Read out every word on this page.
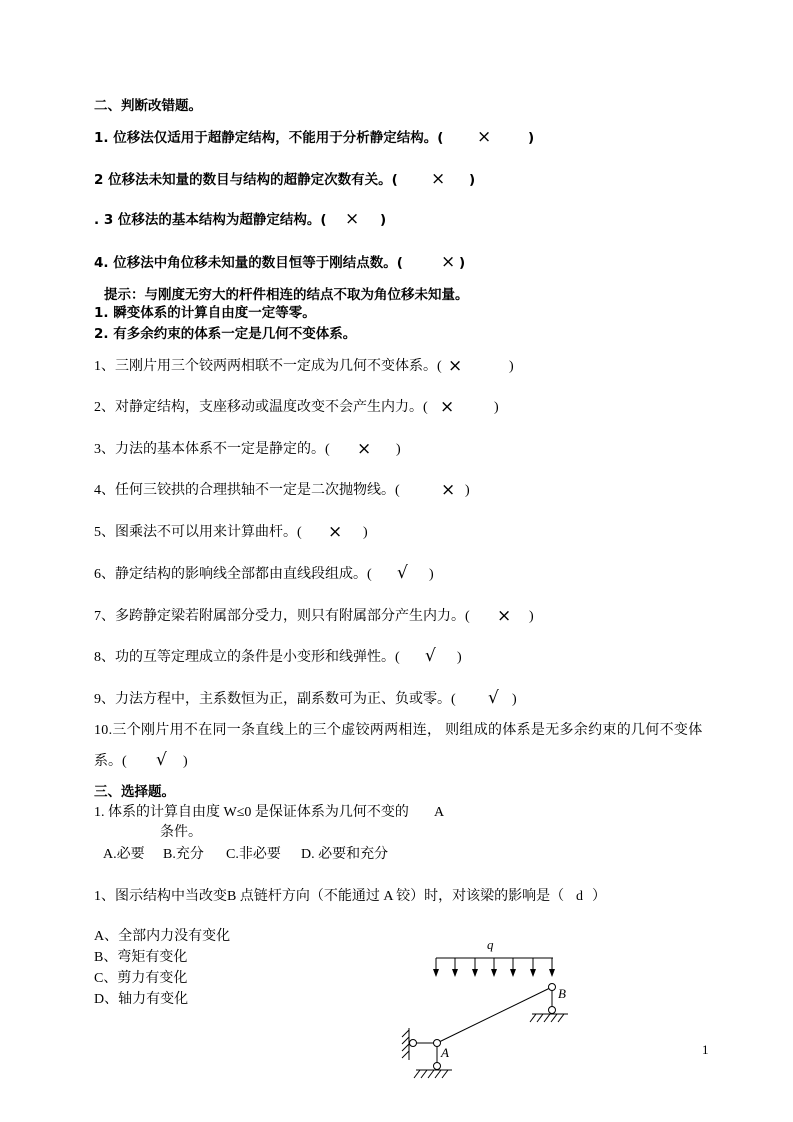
二、判断改错题。
1. 位移法仅适用于超静定结构，不能用于分析静定结构。( ×	)
2 位移法未知量的数目与结构的超静定次数有关。( × )
. 3 位移法的基本结构为超静定结构。( × )
4. 位移法中角位移未知量的数目恒等于刚结点数。( × )
提示：与刚度无穷大的杆件相连的结点不取为角位移未知量。
1. 瞬变体系的计算自由度一定等零。
2. 有多余约束的体系一定是几何不变体系。
1、三刚片用三个铰两两相联不一定成为几何不变体系。( ×	)
2、对静定结构，支座移动或温度改变不会产生内力。( ×	)
3、力法的基本体系不一定是静定的。( × )
4、任何三铰拱的合理拱轴不一定是二次抛物线。( × )
5、图乘法不可以用来计算曲杆。( × )
6、静定结构的影响线全部都由直线段组成。( √ )
7、多跨静定梁若附属部分受力，则只有附属部分产生内力。( × )
8、功的互等定理成立的条件是小变形和线弹性。( √ )
9、力法方程中，主系数恒为正，副系数可为正、负或零。( √ )
10.三个刚片用不在同一条直线上的三个虚铰两两相连， 则组成的体系是无多余约束的几何不变体
系。( √ )
三、选择题。
1. 体系的计算自由度 W≤0 是保证体系为几何不变的 A
条件。
A.必要 B.充分 C.非必要 D. 必要和充分
1、图示结构中当改变B 点链杆方向（不能通过 A 铰）时，对该梁的影响是（ d ）
A、全部内力没有变化
B、弯矩有变化
C、剪力有变化
D、轴力有变化
q
B
A	1
